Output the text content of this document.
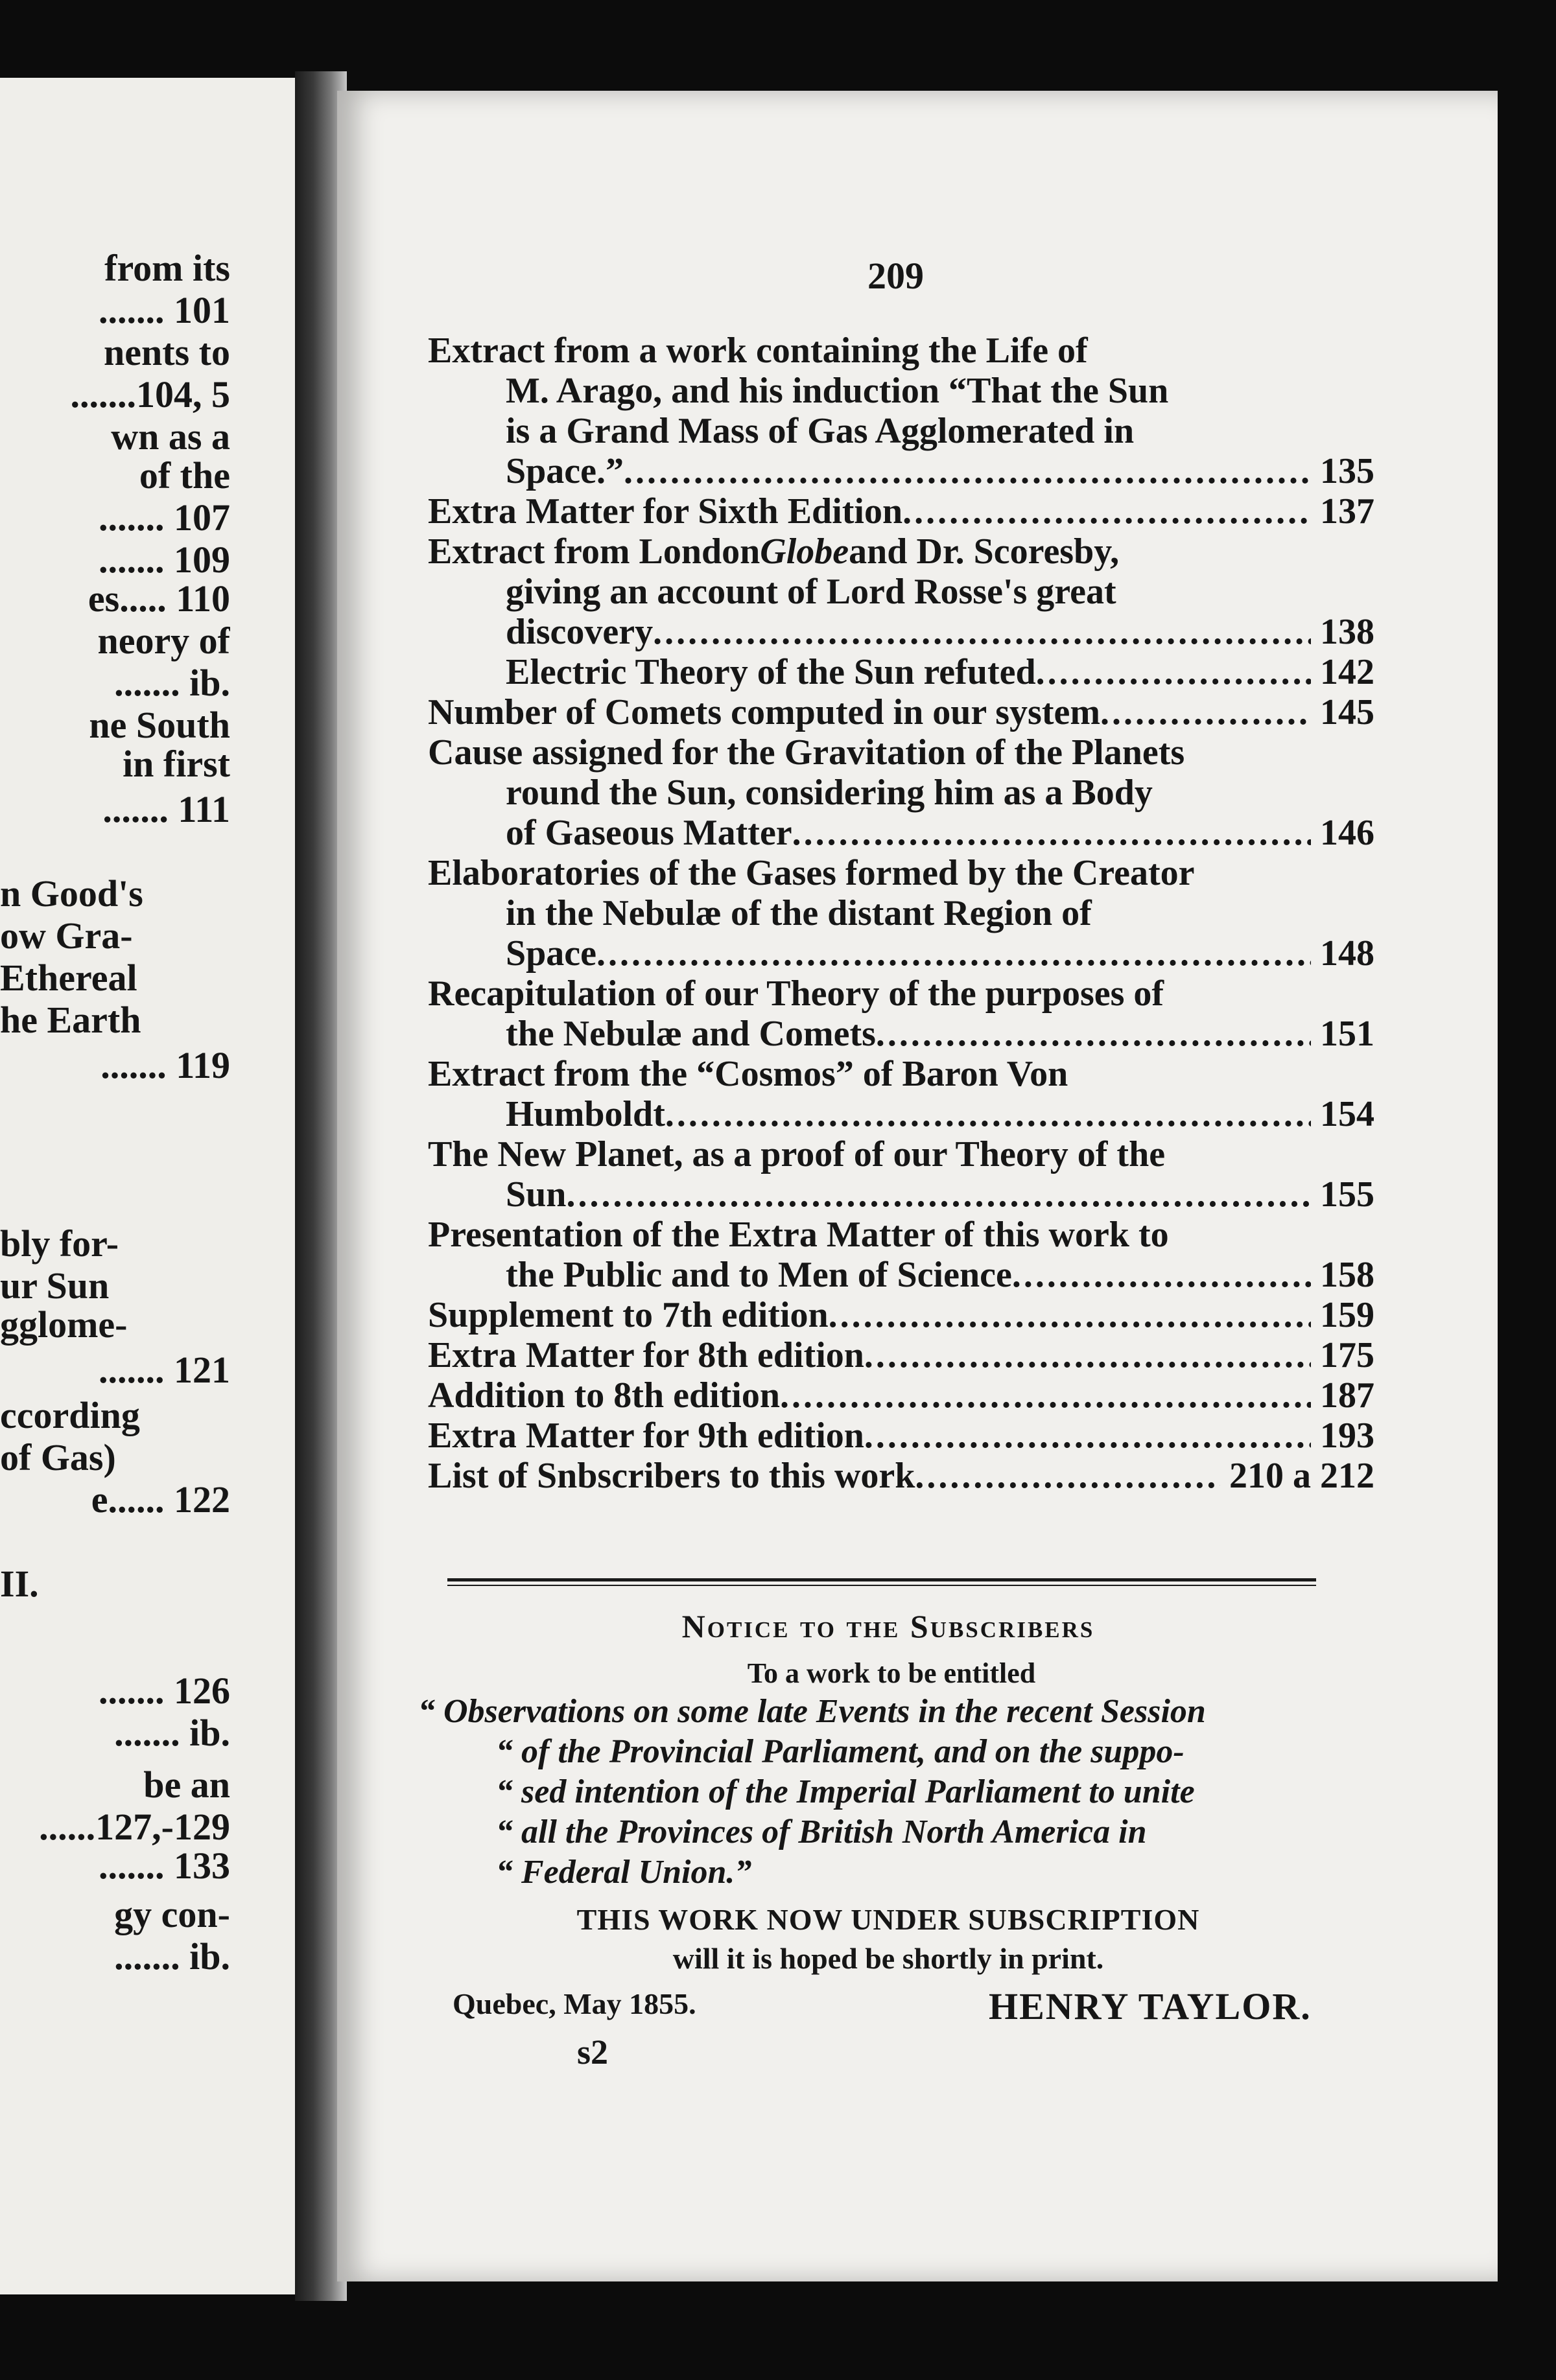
from its
....... 101
nents to
.......104, 5
wn as a
of the
....... 107
....... 109
es..... 110
neory of
....... ib.
ne South
in first
....... 111
n Good's
ow Gra-
Ethereal
he Earth
....... 119
bly for-
ur Sun
gglome-
....... 121
ccording
of Gas)
e...... 122
II.
....... 126
....... ib.
be an
......127,-129
....... 133
gy con-
....... ib.
209
Extract from a work containing the Life of
M. Arago, and his induction “That the Sun
is a Grand Mass of Gas Agglomerated in
Space.” .....	135
Extra Matter for Sixth Edition .....	137
Extract from London Globe and Dr. Scoresby,
giving an account of Lord Rosse's great
discovery .....	138
Electric Theory of the Sun refuted .....	142
Number of Comets computed in our system .....	145
Cause assigned for the Gravitation of the Planets
round the Sun, considering him as a Body
of Gaseous Matter .....	146
Elaboratories of the Gases formed by the Creator
in the Nebulæ of the distant Region of
Space .....	148
Recapitulation of our Theory of the purposes of
the Nebulæ and Comets .....	151
Extract from the “Cosmos” of Baron Von
Humboldt .....	154
The New Planet, as a proof of our Theory of the
Sun .....	155
Presentation of the Extra Matter of this work to
the Public and to Men of Science .....	158
Supplement to 7th edition .....	159
Extra Matter for 8th edition .....	175
Addition to 8th edition .....	187
Extra Matter for 9th edition .....	193
List of Snbscribers to this work .....	210 a 212
Notice to the Subscribers
To a work to be entitled
“ Observations on some late Events in the recent Session
“ of the Provincial Parliament, and on the suppo-
“ sed intention of the Imperial Parliament to unite
“ all the Provinces of British North America in
“ Federal Union.”
THIS WORK NOW UNDER SUBSCRIPTION
will it is hoped be shortly in print.
Quebec, May 1855.	HENRY TAYLOR.
s2
